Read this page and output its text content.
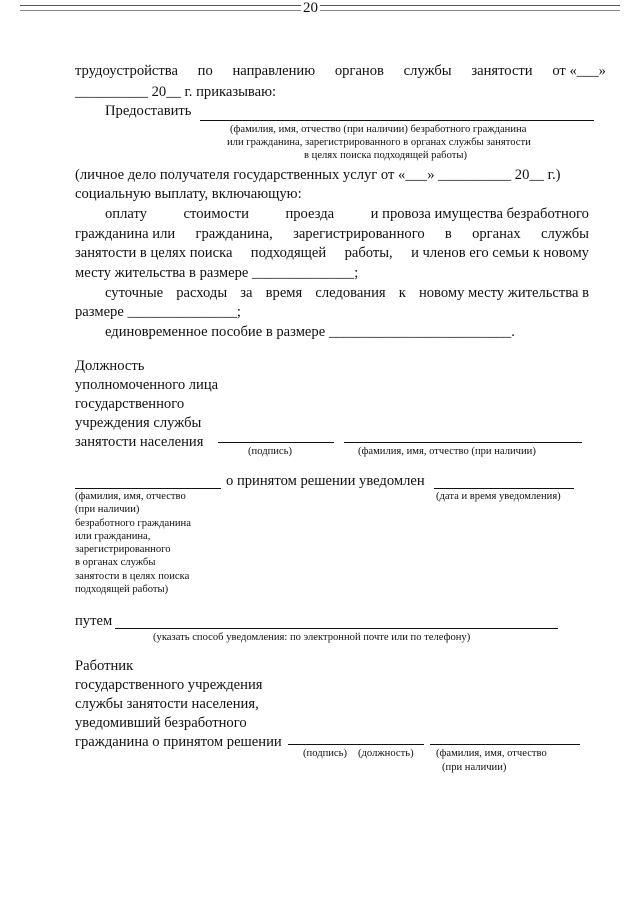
20
трудоустройства по направлению органов службы занятости от «___»
__________ 20__ г. приказываю:
Предоставить
(фамилия, имя, отчество (при наличии) безработного гражданина
или гражданина, зарегистрированного в органах службы занятости
в целях поиска подходящей работы)
(личное дело получателя государственных услуг от «___» __________ 20__ г.)
социальную выплату, включающую:
оплату	стоимости	проезда	и провоза имущества безработного
гражданина или гражданина, зарегистрированного в органах службы
занятости в целях поиска подходящей работы, и членов его семьи к новому
месту жительства в размере ______________;
суточные расходы за время следования к новому месту жительства в
размере _______________;
единовременное пособие в размере _________________________.
Должность
уполномоченного лица
государственного
учреждения службы
занятости населения
(подпись)	(фамилия, имя, отчество (при наличии)
о принятом решении уведомлен
(фамилия, имя, отчество
(при наличии)
безработного гражданина
или гражданина,
зарегистрированного
в органах службы
занятости в целях поиска
подходящей работы)
(дата и время уведомления)
путем
(указать способ уведомления: по электронной почте или по телефону)
Работник
государственного учреждения
службы занятости населения,
уведомивший безработного
гражданина о принятом решении
(подпись) (должность) (фамилия, имя, отчество
(при наличии)
